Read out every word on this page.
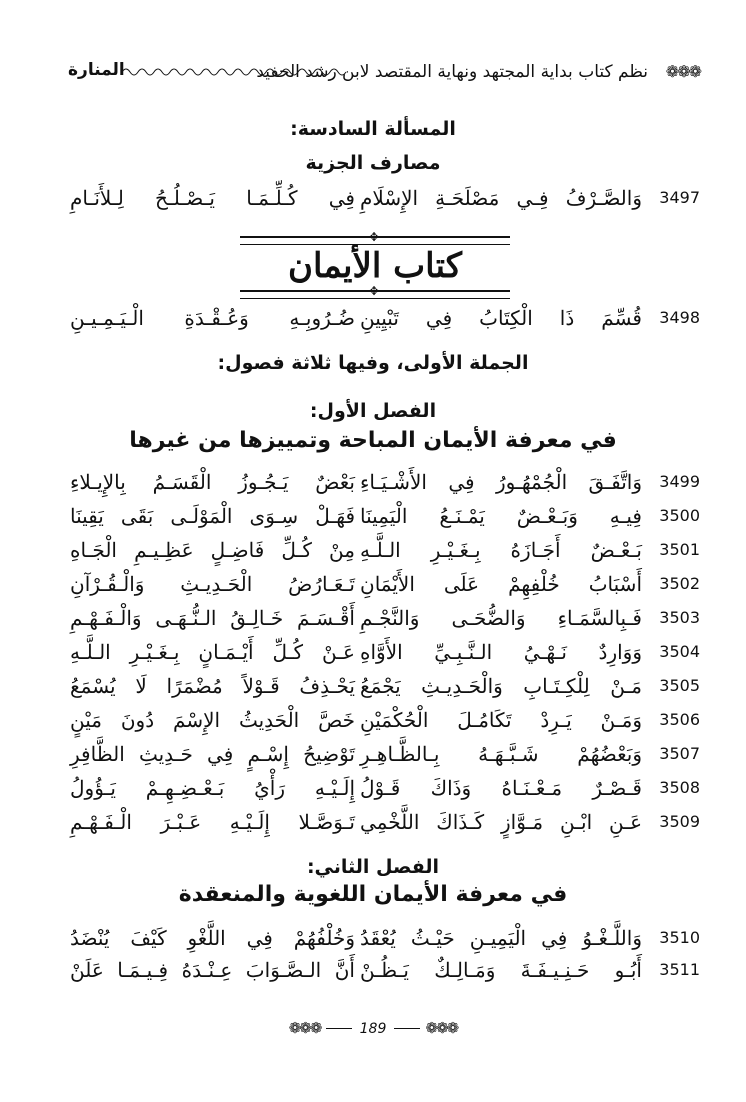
❁❁❁
نظم كتاب بداية المجتهد ونهاية المقتصد لابن رشد الحفيد
المنارة
المسألة السادسة:
مصارف الجزية
3497
وَالصَّـرْفُ فِـي مَصْلَحَـةِ الإِسْلَامِ
فِي كُـلِّـمَـا يَـصْـلُـحُ لِـلأَنَـامِ
✥
كتاب الأيمان
✥
3498
قُسِّمَ ذَا الْكِتَابُ فِي تَبْيِينِ
ضُـرُوبِـهِ وَعُـقْـدَةِ الْـيَـمِـيـنِ
الجملة الأولى، وفيها ثلاثة فصول:
الفصل الأول:
في معرفة الأيمان المباحة وتمييزها من غيرها
3499
وَاتَّفَـقَ الْجُمْهُـورُ فِي الأَشْـيَـاءِ
بَعْضٌ يَـجُـوزُ الْقَسَـمُ بِالإِيـلاءِ
3500
فِيـهِ وَبَـعْـضٌ يَمْـنَـعُ الْيَمِينَا
فَهَـلْ سِـوَى الْمَوْلَـى بَقَى يَقِينَا
3501
بَـعْـضٌ أَجَـازَهُ بِـغَـيْـرِ الـلَّـهِ
مِنْ كُـلِّ فَاضِـلٍ عَظِـيـمِ الْجَـاهِ
3502
أَسْبَابُ خُلْفِهِمْ عَلَى الأَيْمَانِ
تَـعَـارُضُ الْحَـدِيـثِ وَالْـقُـرْآنِ
3503
فَـبِالسَّمَـاءِ وَالضُّحَـى وَالنَّجْـمِ
أَقْـسَـمَ خَـالِـقُ الـنُّـهَـى وَالْـفَـهْـمِ
3504
وَوَارِدٌ نَـهْـيُ الـنَّـبِـيِّ الأَوَّاهِ
عَـنْ كُـلِّ أَيْـمَـانٍ بِـغَـيْـرِ الـلَّـهِ
3505
مَـنْ لِلْكِـتَـابِ وَالْحَـدِيـثِ يَجْمَعُ
يَحْـذِفُ قَـوْلاً مُضْمَرًا لَا يُسْمَعُ
3506
وَمَـنْ يَـرِدْ تَكَامُـلَ الْحُكْمَيْنِ
خَصَّ الْحَدِيثُ الإِسْمَ دُونَ مَيْنٍ
3507
وَبَعْضُهُمْ شَـبَّـهَـهُ بِـالظَّـاهِـرِ
تَوْضِيحُ إِسْـمٍ فِي حَـدِيثِ الظَّافِرِ
3508
قَـصْـرٌ مَـعْـنَـاهُ وَذَاكَ قَـوْلُ
إِلَـيْـهِ رَأْيُ بَـعْـضِـهِـمْ يَـؤُولُ
3509
عَـنِ ابْـنِ مَـوَّازٍ كَـذَاكَ اللَّخْمِي
تَـوَصَّـلا إِلَـيْـهِ عَـبْـرَ الْـفَـهْـمِ
الفصل الثاني:
في معرفة الأيمان اللغوية والمنعقدة
3510
وَاللَّـغْـوُ فِي الْيَمِيـنِ حَيْـثُ يُعْقَدُ
وَخُلْفُهُمْ فِي اللَّغْوِ كَيْفَ يُنْضَدُ
3511
أَبُـو حَـنِـيـفَـةَ وَمَـالِـكٌ يَـظُـنْ
أَنَّ الـصَّـوَابَ عِـنْـدَهُ فِـيـمَـا عَلَنْ
❁❁❁	189	❁❁❁
